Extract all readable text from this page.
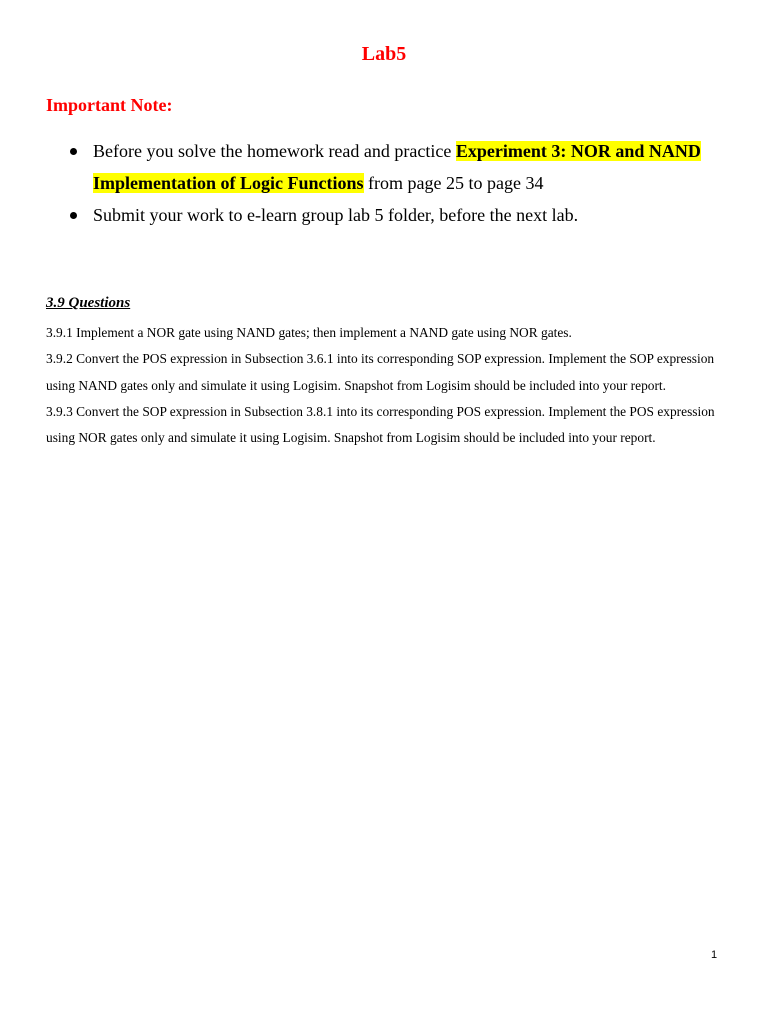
Lab5
Important Note:
Before you solve the homework read and practice Experiment 3: NOR and NAND Implementation of Logic Functions from page 25 to page 34
Submit your work to e-learn group lab 5 folder, before the next lab.

3.9 Questions

3.9.1 Implement a NOR gate using NAND gates; then implement a NAND gate using NOR gates.

3.9.2 Convert the POS expression in Subsection 3.6.1 into its corresponding SOP expression. Implement the SOP expression using NAND gates only and simulate it using Logisim. Snapshot from Logisim should be included into your report.

3.9.3 Convert the SOP expression in Subsection 3.8.1 into its corresponding POS expression. Implement the POS expression using NOR gates only and simulate it using Logisim. Snapshot from Logisim should be included into your report.

1
